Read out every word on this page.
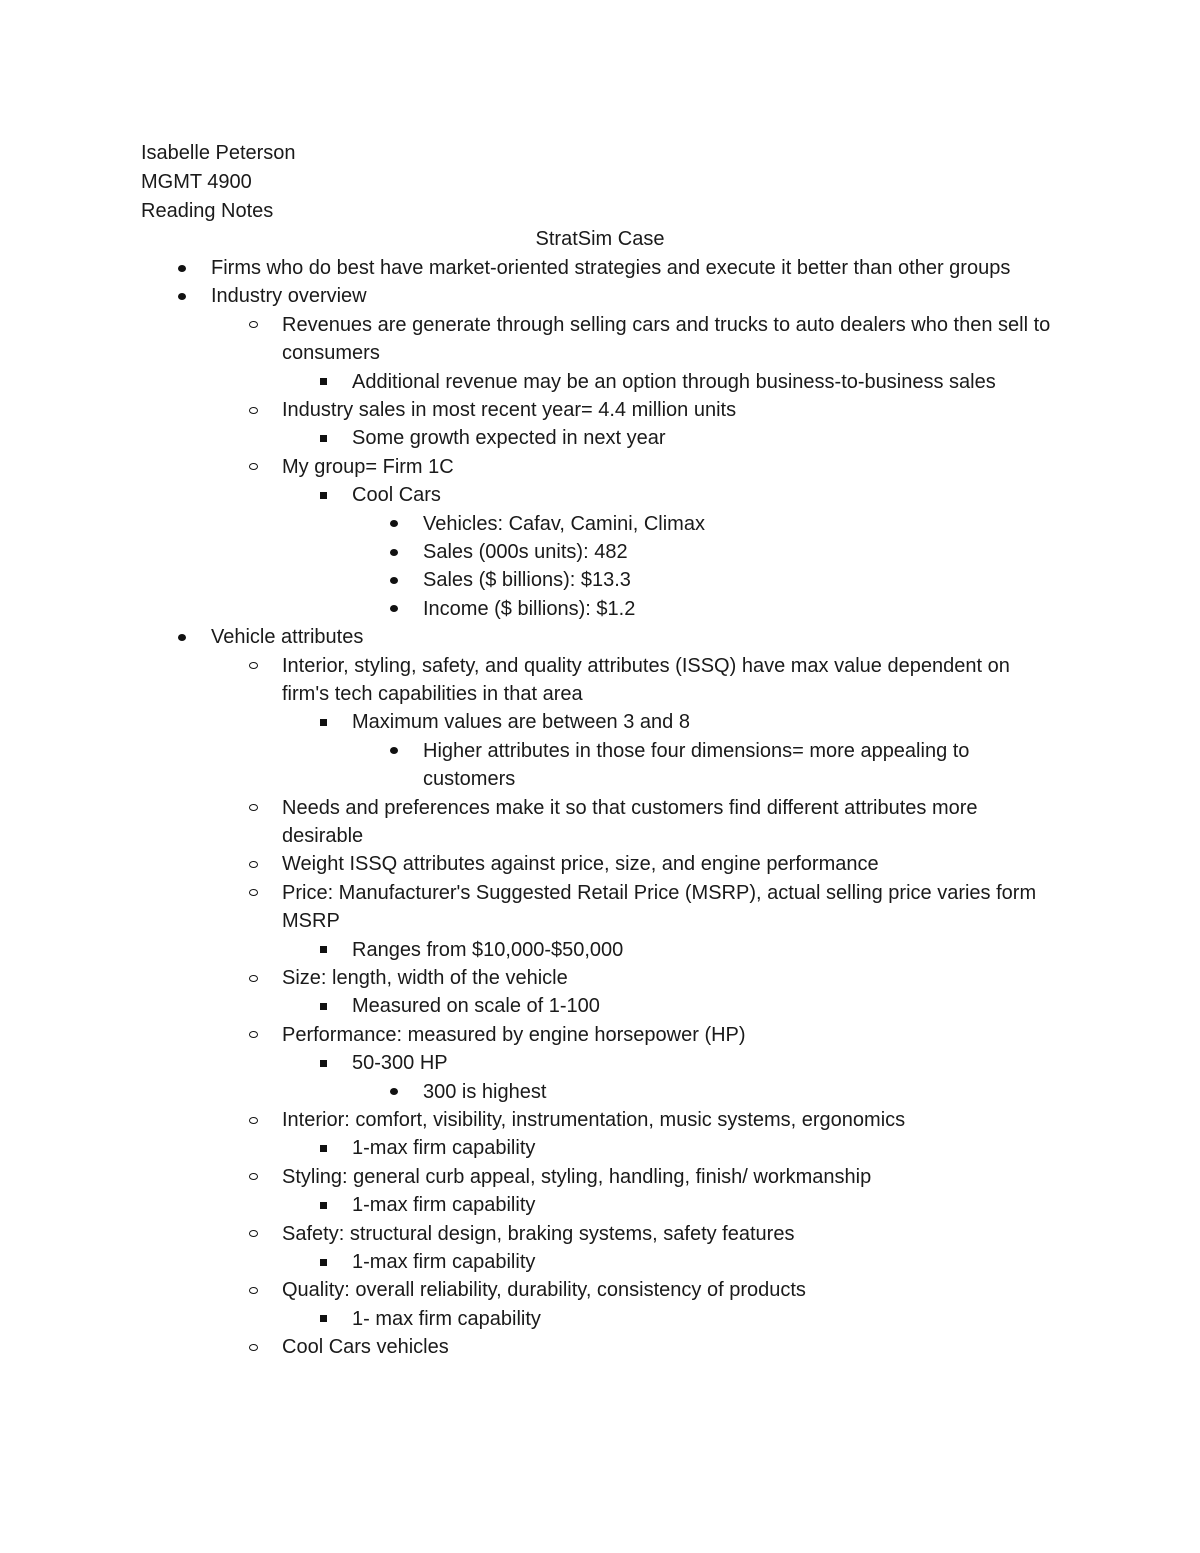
Isabelle Peterson
MGMT 4900
Reading Notes
StratSim Case
Firms who do best have market-oriented strategies and execute it better than other groups
Industry overview
Revenues are generate through selling cars and trucks to auto dealers who then sell to consumers
Additional revenue may be an option through business-to-business sales
Industry sales in most recent year= 4.4 million units
Some growth expected in next year
My group= Firm 1C
Cool Cars
Vehicles: Cafav, Camini, Climax
Sales (000s units): 482
Sales ($ billions): $13.3
Income ($ billions): $1.2
Vehicle attributes
Interior, styling, safety, and quality attributes (ISSQ) have max value dependent on firm's tech capabilities in that area
Maximum values are between 3 and 8
Higher attributes in those four dimensions= more appealing to customers
Needs and preferences make it so that customers find different attributes more desirable
Weight ISSQ attributes against price, size, and engine performance
Price: Manufacturer's Suggested Retail Price (MSRP), actual selling price varies form MSRP
Ranges from $10,000-$50,000
Size: length, width of the vehicle
Measured on scale of 1-100
Performance: measured by engine horsepower (HP)
50-300 HP
300 is highest
Interior: comfort, visibility, instrumentation, music systems, ergonomics
1-max firm capability
Styling: general curb appeal, styling, handling, finish/ workmanship
1-max firm capability
Safety: structural design, braking systems, safety features
1-max firm capability
Quality: overall reliability, durability, consistency of products
1- max firm capability
Cool Cars vehicles
